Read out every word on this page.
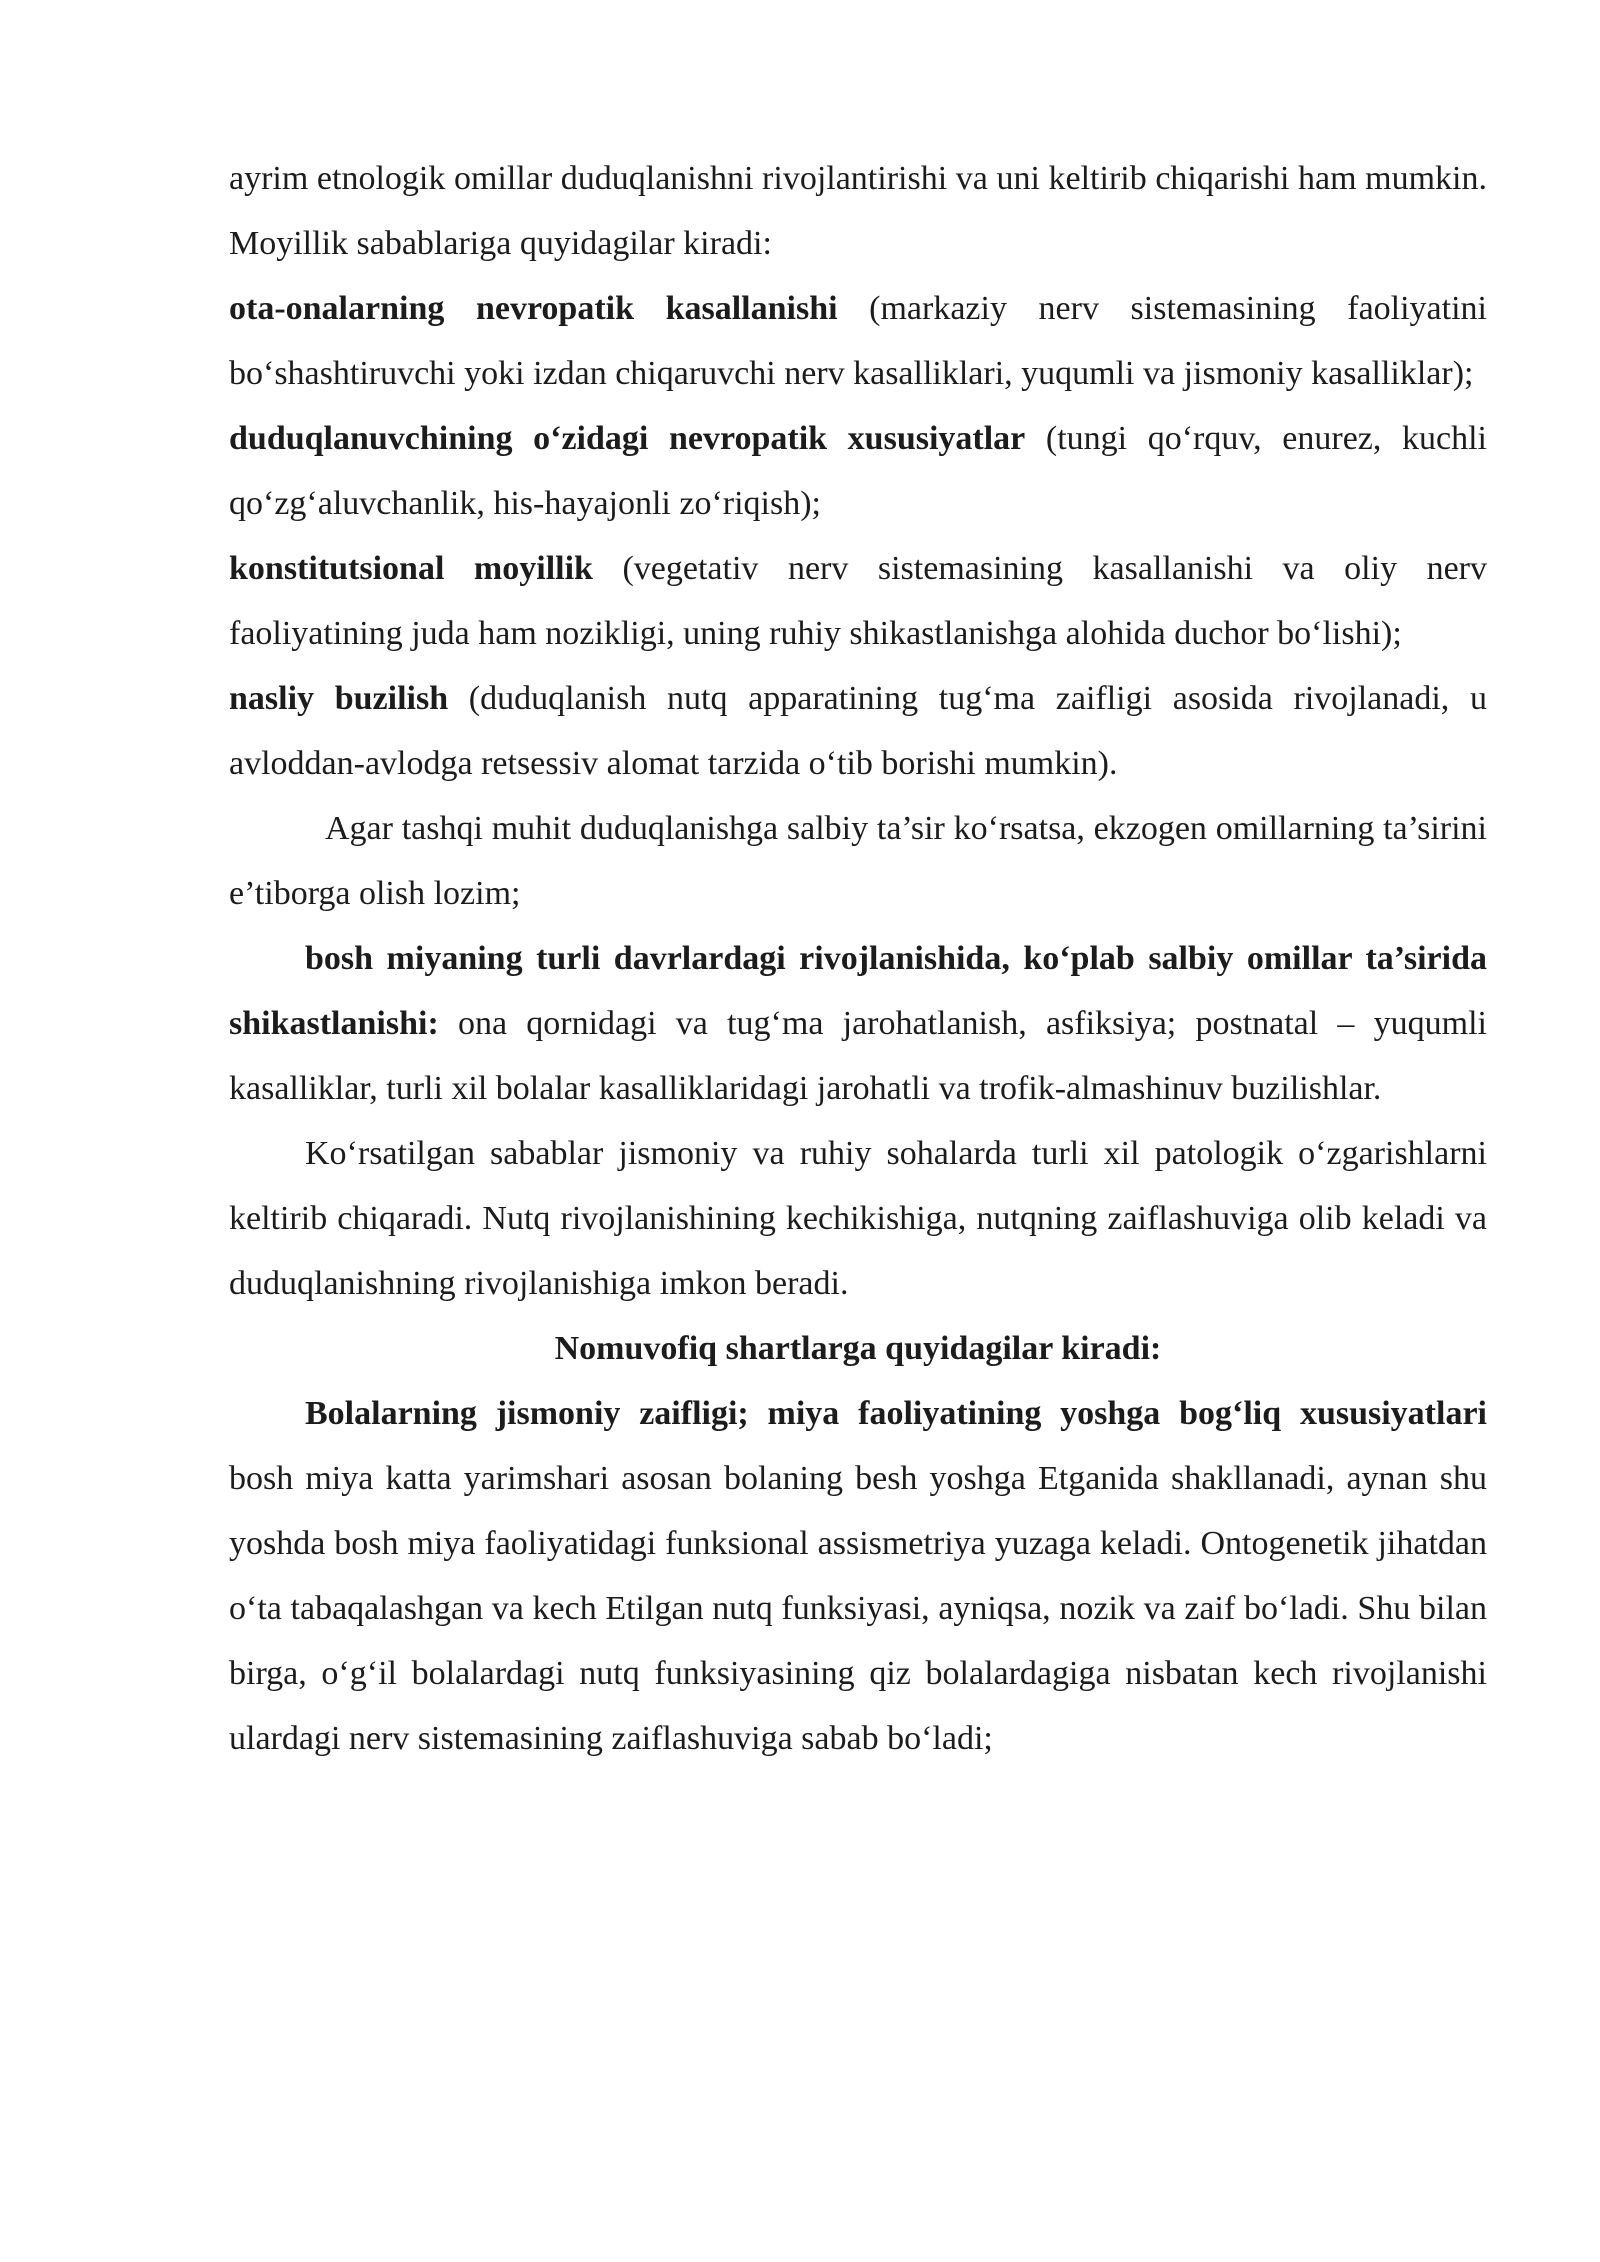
ayrim etnologik omillar duduqlanishni rivojlantirishi va uni keltirib chiqarishi ham mumkin. Moyillik sabablariga quyidagilar kiradi:

ota-onalarning nevropatik kasallanishi (markaziy nerv sistemasining faoliyatini bo‘shashtiruvchi yoki izdan chiqaruvchi nerv kasalliklari, yuqumli va jismoniy kasalliklar);

duduqlanuvchining o‘zidagi nevropatik xususiyatlar (tungi qo‘rquv, enurez, kuchli qo‘zg‘aluvchanlik, his-hayajonli zo‘riqish);

konstitutsional moyillik (vegetativ nerv sistemasining kasallanishi va oliy nerv faoliyatining juda ham nozikligi, uning ruhiy shikastlanishga alohida duchor bo‘lishi);

nasliy buzilish (duduqlanish nutq apparatining tug‘ma zaifligi asosida rivojlanadi, u avloddan-avlodga retsessiv alomat tarzida o‘tib borishi mumkin).

Agar tashqi muhit duduqlanishga salbiy ta’sir ko‘rsatsa, ekzogen omillarning ta’sirini e’tiborga olish lozim;

bosh miyaning turli davrlardagi rivojlanishida, ko‘plab salbiy omillar ta’sirida shikastlanishi: ona qornidagi va tug‘ma jarohatlanish, asfiksiya; postnatal – yuqumli kasalliklar, turli xil bolalar kasalliklaridagi jarohatli va trofik-almashinuv buzilishlar.

Ko‘rsatilgan sabablar jismoniy va ruhiy sohalarda turli xil patologik o‘zgarishlarni keltirib chiqaradi. Nutq rivojlanishining kechikishiga, nutqning zaiflashuviga olib keladi va duduqlanishning rivojlanishiga imkon beradi.

Nomuvofiq shartlarga quyidagilar kiradi:

Bolalarning jismoniy zaifligi; miya faoliyatining yoshga bog‘liq xususiyatlari bosh miya katta yarimshari asosan bolaning besh yoshga Etganida shakllanadi, aynan shu yoshda bosh miya faoliyatidagi funksional assismetriya yuzaga keladi. Ontogenetik jihatdan o‘ta tabaqalashgan va kech Etilgan nutq funksiyasi, ayniqsa, nozik va zaif bo‘ladi. Shu bilan birga, o‘g‘il bolalardagi nutq funksiyasining qiz bolalardagiga nisbatan kech rivojlanishi ulardagi nerv sistemasining zaiflashuviga sabab bo‘ladi;
